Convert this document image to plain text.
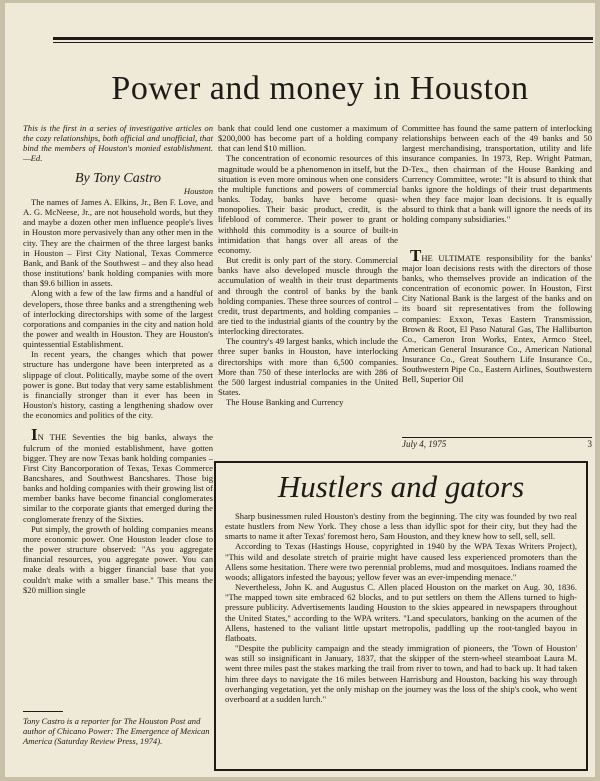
Power and money in Houston

This is the first in a series of investigative articles on the cozy relationships, both official and unofficial, that bind the members of Houston's monied establishment.—Ed.

By Tony Castro
Houston

The names of James A. Elkins, Jr., Ben F. Love, and A. G. McNeese, Jr., are not household words, but they and maybe a dozen other men influence people's lives in Houston more pervasively than any other men in the city. They are the chairmen of the three largest banks in Houston – First City National, Texas Commerce Bank, and Bank of the Southwest – and they also head those institutions' bank holding companies with more than $9.6 billion in assets.

Along with a few of the law firms and a handful of developers, those three banks and a strengthening web of interlocking directorships with some of the largest corporations and companies in the city and nation hold the power and wealth in Houston. They are Houston's quintessential Establishment.

In recent years, the changes which that power structure has undergone have been interpreted as a slippage of clout. Politically, maybe some of the overt power is gone. But today that very same establishment is financially stronger than it ever has been in Houston's history, casting a lengthening shadow over the economics and politics of the city.

IN THE Seventies the big banks, always the fulcrum of the monied establishment, have gotten bigger. They are now Texas bank holding companies – First City Bancorporation of Texas, Texas Commerce Bancshares, and Southwest Bancshares. Those big banks and holding companies with their growing list of member banks have become financial conglomerates similar to the corporate giants that emerged during the conglomerate frenzy of the Sixties.

Put simply, the growth of holding companies means more economic power. One Houston leader close to the power structure observed: "As you aggregate financial resources, you aggregate power. You can make deals with a bigger financial base that you couldn't make with a smaller base." This means the $20 million single

Tony Castro is a reporter for The Houston Post and author of Chicano Power: The Emergence of Mexican America (Saturday Review Press, 1974).

bank that could lend one customer a maximum of $200,000 has become part of a holding company that can lend $10 million.

The concentration of economic resources of this magnitude would be a phenomenon in itself, but the situation is even more ominous when one considers the multiple functions and powers of commercial banks. Today, banks have become quasi-monopolies. Their basic product, credit, is the lifeblood of commerce. Their power to grant or withhold this commodity is a source of built-in intimidation that hangs over all areas of the economy.

But credit is only part of the story. Commercial banks have also developed muscle through the accumulation of wealth in their trust departments and through the control of banks by the bank holding companies. These three sources of control – credit, trust departments, and holding companies – are tied to the industrial giants of the country by the interlocking directorates.

The country's 49 largest banks, which include the three super banks in Houston, have interlocking directorships with more than 6,500 companies. More than 750 of these interlocks are with 286 of the 500 largest industrial companies in the United States.

The House Banking and Currency

Committee has found the same pattern of interlocking relationships between each of the 49 banks and 50 largest merchandising, transportation, utility and life insurance companies. In 1973, Rep. Wright Patman, D-Tex., then chairman of the House Banking and Currency Committee, wrote: "It is absurd to think that banks ignore the holdings of their trust departments when they face major loan decisions. It is equally absurd to think that a bank will ignore the needs of its holding company subsidiaries."

THE ULTIMATE responsibility for the banks' major loan decisions rests with the directors of those banks, who themselves provide an indication of the concentration of economic power. In Houston, First City National Bank is the largest of the banks and on its board sit representatives from the following companies: Exxon, Texas Eastern Transmission, Brown & Root, El Paso Natural Gas, The Halliburton Co., Cameron Iron Works, Entex, Armco Steel, American General Insurance Co., American National Insurance Co., Great Southern Life Insurance Co., Southwestern Pipe Co., Eastern Airlines, Southwestern Bell, Superior Oil

July 4, 1975	3
Hustlers and gators

Sharp businessmen ruled Houston's destiny from the beginning. The city was founded by two real estate hustlers from New York. They chose a less than idyllic spot for their city, but they had the smarts to name it after Texas' foremost hero, Sam Houston, and they knew how to sell, sell, sell.

According to Texas (Hastings House, copyrighted in 1940 by the WPA Texas Writers Project), "This wild and desolate stretch of prairie might have caused less experienced promoters than the Allens some hesitation. There were two perennial problems, mud and mosquitoes. Indians roamed the woods; alligators infested the bayous; yellow fever was an ever-impending menace."

Nevertheless, John K. and Augustus C. Allen placed Houston on the market on Aug. 30, 1836. "The mapped town site embraced 62 blocks, and to put settlers on them the Allens turned to high-pressure publicity. Advertisements lauding Houston to the skies appeared in newspapers throughout the United States," according to the WPA writers. "Land speculators, banking on the acumen of the Allens, hastened to the valiant little upstart metropolis, paddling up the root-tangled bayou in flatboats.

"Despite the publicity campaign and the steady immigration of pioneers, the 'Town of Houston' was still so insignificant in January, 1837, that the skipper of the stern-wheel steamboat Laura M. went three miles past the stakes marking the trail from river to town, and had to back up. It had taken him three days to navigate the 16 miles between Harrisburg and Houston, backing his way through overhanging vegetation, yet the only mishap on the journey was the loss of the ship's cook, who went overboard at a sudden lurch."
